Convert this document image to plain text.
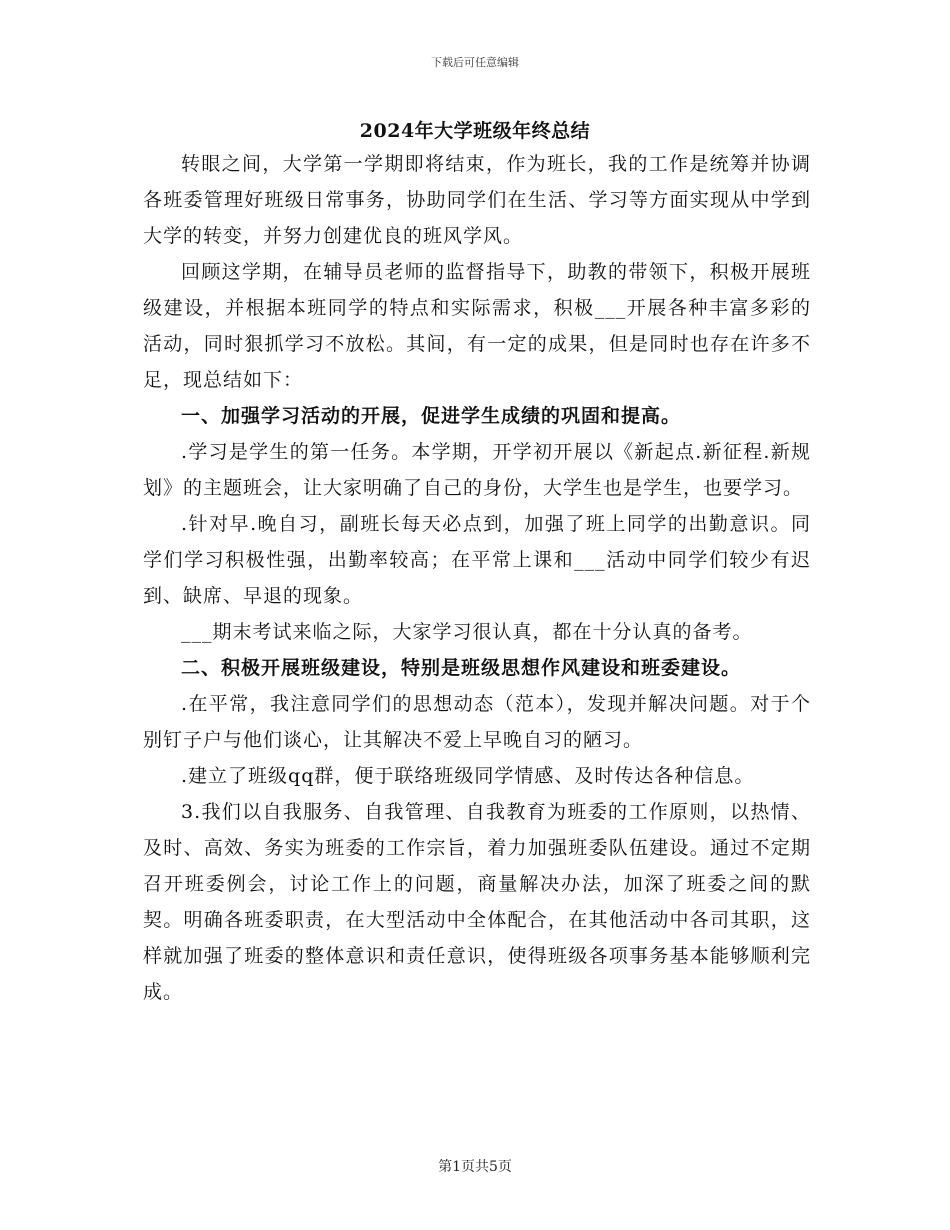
下载后可任意编辑
2024年大学班级年终总结

转眼之间，大学第一学期即将结束，作为班长，我的工作是统筹并协调各班委管理好班级日常事务，协助同学们在生活、学习等方面实现从中学到大学的转变，并努力创建优良的班风学风。

回顾这学期，在辅导员老师的监督指导下，助教的带领下，积极开展班级建设，并根据本班同学的特点和实际需求，积极___开展各种丰富多彩的活动，同时狠抓学习不放松。其间，有一定的成果，但是同时也存在许多不足，现总结如下：

一、加强学习活动的开展，促进学生成绩的巩固和提高。

.学习是学生的第一任务。本学期，开学初开展以《新起点.新征程.新规划》的主题班会，让大家明确了自己的身份，大学生也是学生，也要学习。

.针对早.晚自习，副班长每天必点到，加强了班上同学的出勤意识。同学们学习积极性强，出勤率较高；在平常上课和___活动中同学们较少有迟到、缺席、早退的现象。

___期末考试来临之际，大家学习很认真，都在十分认真的备考。

二、积极开展班级建设，特别是班级思想作风建设和班委建设。

.在平常，我注意同学们的思想动态（范本），发现并解决问题。对于个别钉子户与他们谈心，让其解决不爱上早晚自习的陋习。

.建立了班级qq群，便于联络班级同学情感、及时传达各种信息。

3.我们以自我服务、自我管理、自我教育为班委的工作原则，以热情、及时、高效、务实为班委的工作宗旨，着力加强班委队伍建设。通过不定期召开班委例会，讨论工作上的问题，商量解决办法，加深了班委之间的默契。明确各班委职责，在大型活动中全体配合，在其他活动中各司其职，这样就加强了班委的整体意识和责任意识，使得班级各项事务基本能够顺利完成。

第1页共5页
